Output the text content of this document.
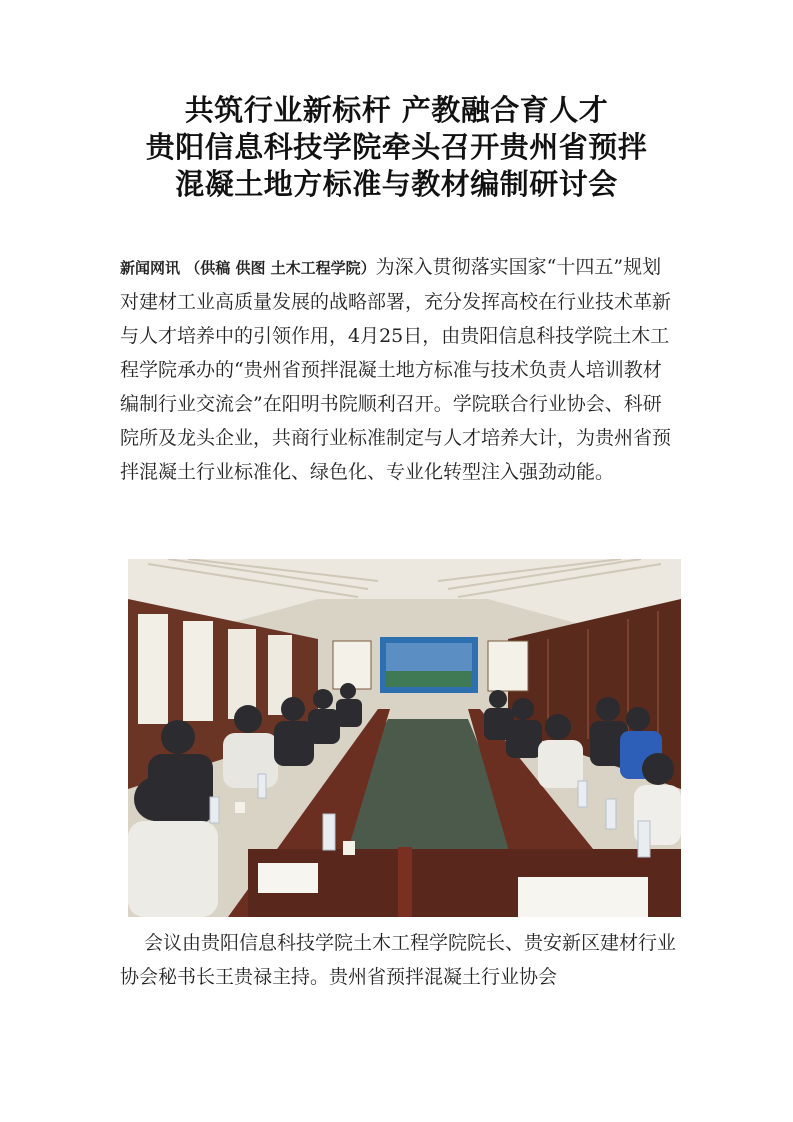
共筑行业新标杆 产教融合育人才
贵阳信息科技学院牵头召开贵州省预拌
混凝土地方标准与教材编制研讨会
新闻网讯 （供稿 供图 土木工程学院）为深入贯彻落实国家“十四五”规划对建材工业高质量发展的战略部署，充分发挥高校在行业技术革新与人才培养中的引领作用，4月25日，由贵阳信息科技学院土木工程学院承办的“贵州省预拌混凝土地方标准与技术负责人培训教材编制行业交流会”在阳明书院顺利召开。学院联合行业协会、科研院所及龙头企业，共商行业标准制定与人才培养大计，为贵州省预拌混凝土行业标准化、绿色化、专业化转型注入强劲动能。
会议由贵阳信息科技学院土木工程学院院长、贵安新区建材行业协会秘书长王贵禄主持。贵州省预拌混凝土行业协会
